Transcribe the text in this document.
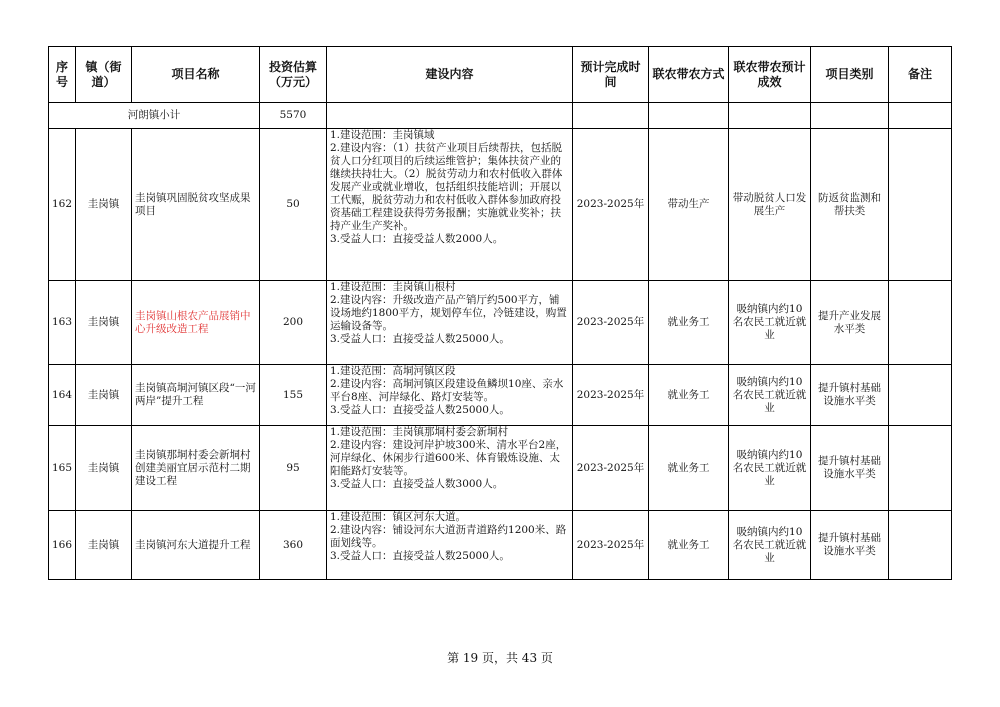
序号	镇（街道）	项目名称	投资估算（万元）	建设内容	预计完成时间	联农带农方式	联农带农预计成效	项目类别	备注
河朗镇小计			5570						
162	圭岗镇	圭岗镇巩固脱贫攻坚成果项目	50	1.建设范围：圭岗镇域
2.建设内容：（1）扶贫产业项目后续帮扶，包括脱贫人口分红项目的后续运维管护；集体扶贫产业的继续扶持壮大。（2）脱贫劳动力和农村低收入群体发展产业或就业增收，包括组织技能培训；开展以工代赈，脱贫劳动力和农村低收入群体参加政府投资基础工程建设获得劳务报酬；实施就业奖补；扶持产业生产奖补。
3.受益人口：直接受益人数2000人。	2023-2025年	带动生产	带动脱贫人口发展生产	防返贫监测和帮扶类	
163	圭岗镇	圭岗镇山根农产品展销中心升级改造工程	200	1.建设范围：圭岗镇山根村
2.建设内容：升级改造产品产销厅约500平方，铺设场地约1800平方，规划停车位，冷链建设，购置运输设备等。
3.受益人口：直接受益人数25000人。	2023-2025年	就业务工	吸纳镇内约10名农民工就近就业	提升产业发展水平类	
164	圭岗镇	圭岗镇高垌河镇区段“一河两岸”提升工程	155	1.建设范围：高垌河镇区段
2.建设内容：高垌河镇区段建设鱼鳞坝10座、亲水平台8座、河岸绿化、路灯安装等。
3.受益人口：直接受益人数25000人。	2023-2025年	就业务工	吸纳镇内约10名农民工就近就业	提升镇村基础设施水平类	
165	圭岗镇	圭岗镇那垌村委会新垌村创建美丽宜居示范村二期建设工程	95	1.建设范围：圭岗镇那垌村委会新垌村
2.建设内容：建设河岸护坡300米、清水平台2座，河岸绿化、休闲步行道600米、体育锻炼设施、太阳能路灯安装等。
3.受益人口：直接受益人数3000人。	2023-2025年	就业务工	吸纳镇内约10名农民工就近就业	提升镇村基础设施水平类	
166	圭岗镇	圭岗镇河东大道提升工程	360	1.建设范围：镇区河东大道。
2.建设内容：铺设河东大道沥青道路约1200米、路面划线等。
3.受益人口：直接受益人数25000人。	2023-2025年	就业务工	吸纳镇内约10名农民工就近就业	提升镇村基础设施水平类	
第 19 页，共 43 页
